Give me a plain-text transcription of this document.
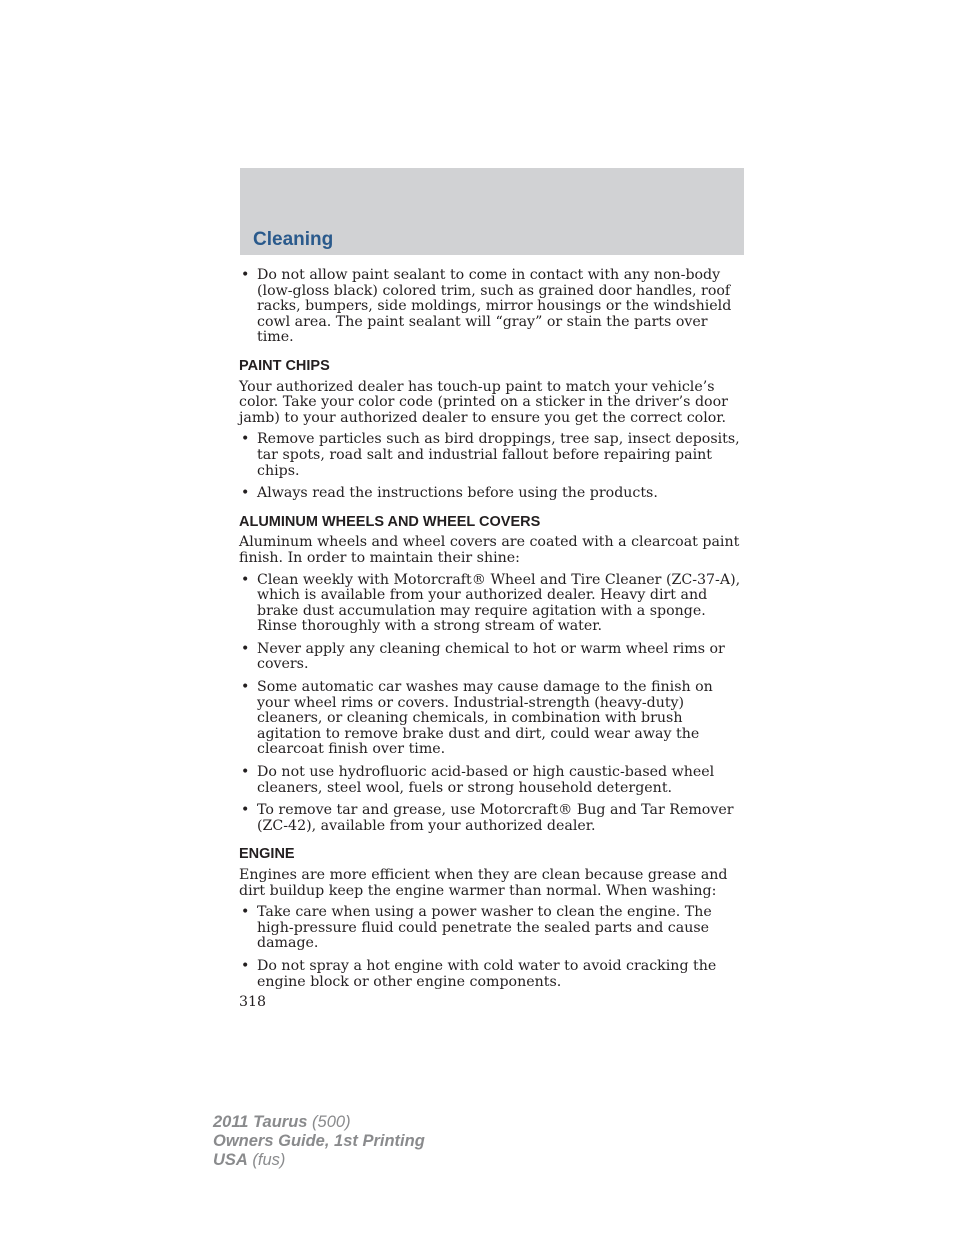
Cleaning
• Do not allow paint sealant to come in contact with any non-body (low-gloss black) colored trim, such as grained door handles, roof racks, bumpers, side moldings, mirror housings or the windshield cowl area. The paint sealant will “gray” or stain the parts over time.
PAINT CHIPS
Your authorized dealer has touch-up paint to match your vehicle’s color. Take your color code (printed on a sticker in the driver’s door jamb) to your authorized dealer to ensure you get the correct color.
• Remove particles such as bird droppings, tree sap, insect deposits, tar spots, road salt and industrial fallout before repairing paint chips.
• Always read the instructions before using the products.
ALUMINUM WHEELS AND WHEEL COVERS
Aluminum wheels and wheel covers are coated with a clearcoat paint finish. In order to maintain their shine:
• Clean weekly with Motorcraft® Wheel and Tire Cleaner (ZC-37-A), which is available from your authorized dealer. Heavy dirt and brake dust accumulation may require agitation with a sponge. Rinse thoroughly with a strong stream of water.
• Never apply any cleaning chemical to hot or warm wheel rims or covers.
• Some automatic car washes may cause damage to the finish on your wheel rims or covers. Industrial-strength (heavy-duty) cleaners, or cleaning chemicals, in combination with brush agitation to remove brake dust and dirt, could wear away the clearcoat finish over time.
• Do not use hydrofluoric acid-based or high caustic-based wheel cleaners, steel wool, fuels or strong household detergent.
• To remove tar and grease, use Motorcraft® Bug and Tar Remover (ZC-42), available from your authorized dealer.
ENGINE
Engines are more efficient when they are clean because grease and dirt buildup keep the engine warmer than normal. When washing:
• Take care when using a power washer to clean the engine. The high-pressure fluid could penetrate the sealed parts and cause damage.
• Do not spray a hot engine with cold water to avoid cracking the engine block or other engine components.
318
2011 Taurus (500)
Owners Guide, 1st Printing
USA (fus)
